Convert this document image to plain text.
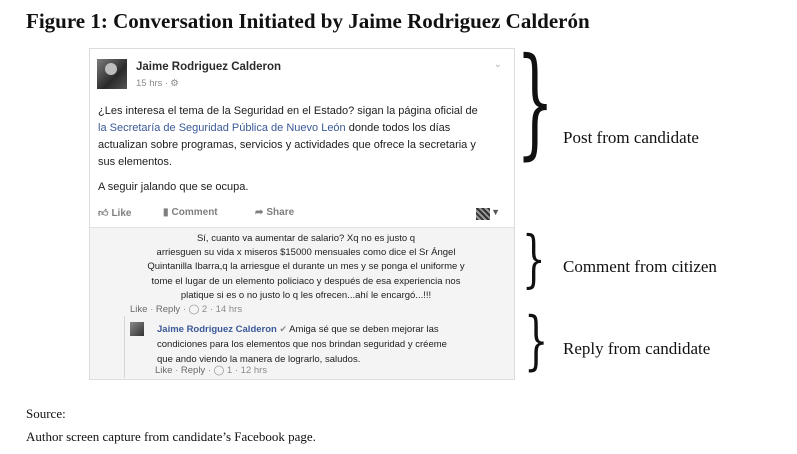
Figure 1: Conversation Initiated by Jaime Rodriguez Calderón
Jaime Rodriguez Calderon
15 hrs · ⚙
⌄
¿Les interesa el tema de la Seguridad en el Estado? sigan la página oficial de
la Secretaría de Seguridad Pública de Nuevo León donde todos los días
actualizan sobre programas, servicios y actividades que ofrece la secretaria y
sus elementos.
A seguir jalando que se ocupa.
👍︎ Like	▮ Comment	➦ Share	▼
Sí, cuanto va aumentar de salario? Xq no es justo q
arriesguen su vida x miseros $15000 mensuales como dice el Sr Ángel
Quintanilla Ibarra,q la arriesgue el durante un mes y se ponga el uniforme y
tome el lugar de un elemento policiaco y después de esa experiencia nos
platique si es o no justo lo q les ofrecen...ahí le encargó...!!!
Like · Reply · ◯ 2 · 14 hrs
Jaime Rodriguez Calderon ✔ Amiga sé que se deben mejorar las
condiciones para los elementos que nos brindan seguridad y créeme
que ando viendo la manera de lograrlo, saludos.
Like · Reply · ◯ 1 · 12 hrs
} Post from candidate
} Comment from citizen
} Reply from candidate
Source:
Author screen capture from candidate’s Facebook page.
